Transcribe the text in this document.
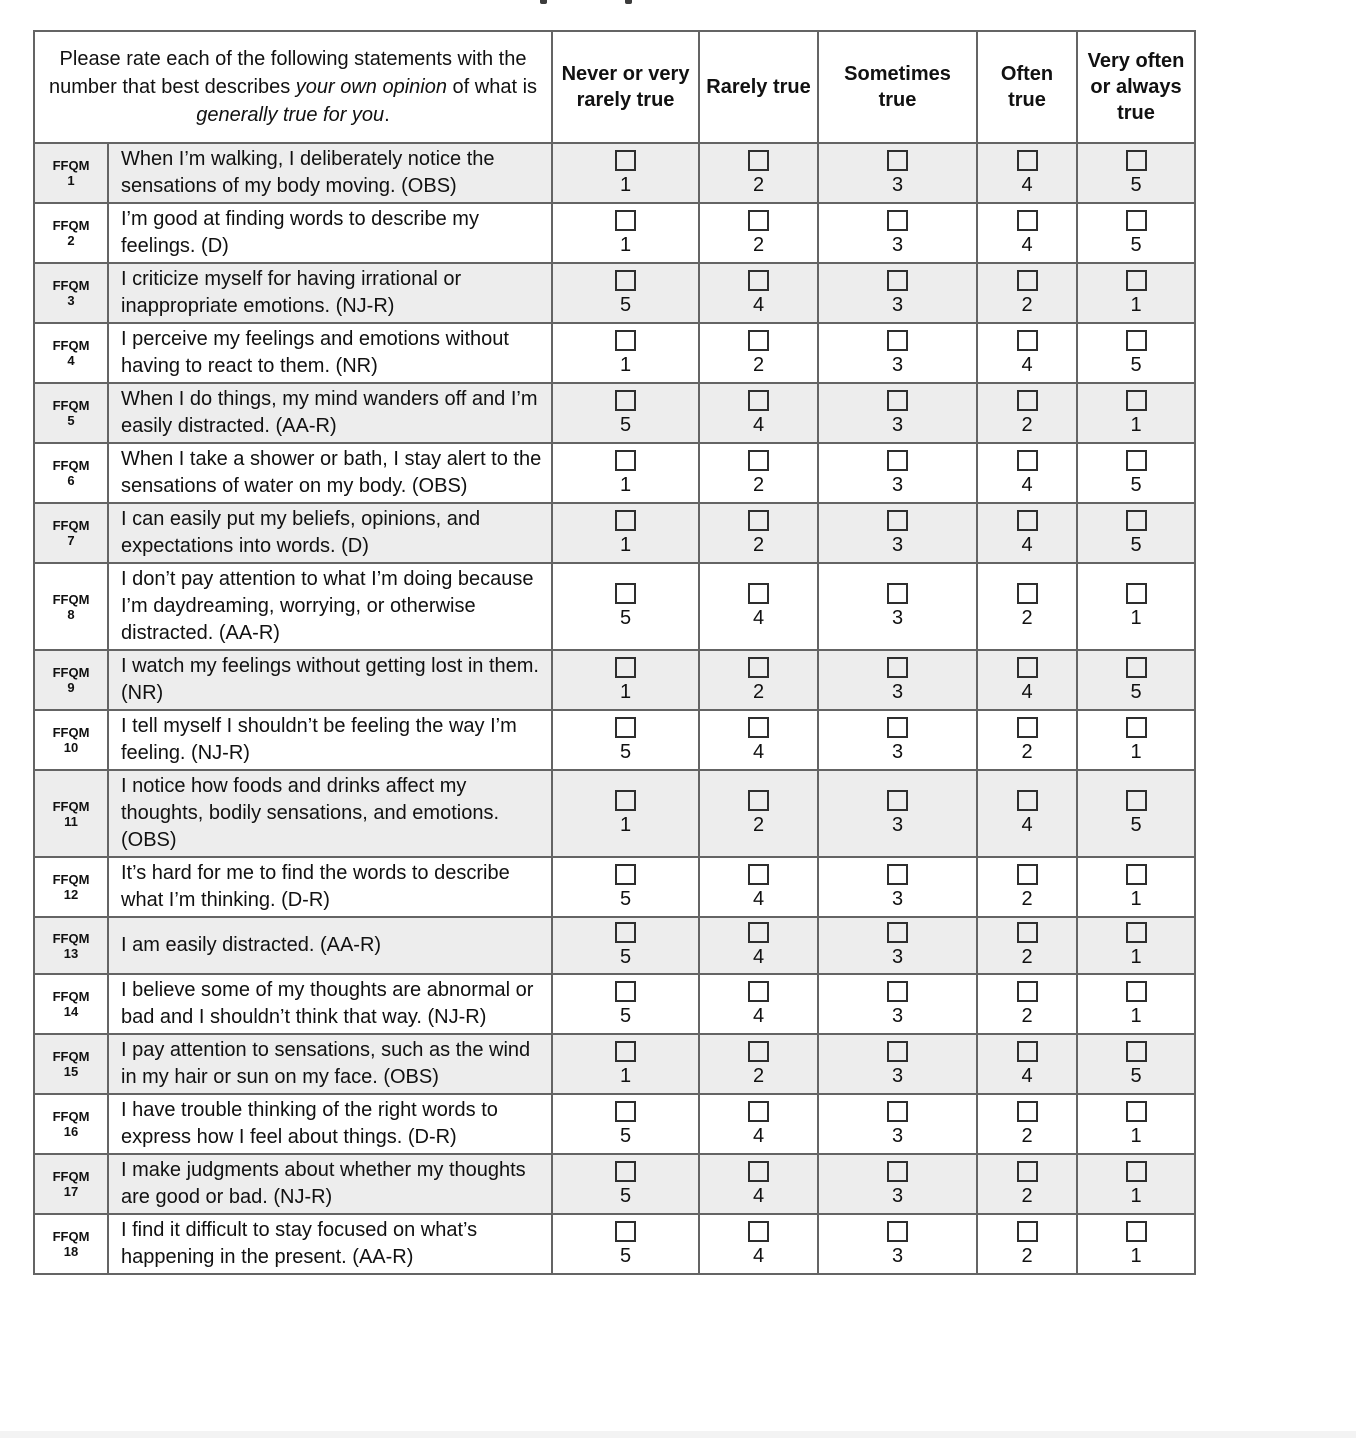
Please rate each of the following statements with the number that best describes your own opinion of what is generally true for you.		Never or very rarely true	Rarely true	Sometimes true	Often true	Very often or always true

FFQM
1	When I’m walking, I deliberately notice the sensations of my body moving. (OBS)	1	2	3	4	5

FFQM
2	I’m good at finding words to describe my feelings. (D)	1	2	3	4	5

FFQM
3	I criticize myself for having irrational or inappropriate emotions. (NJ-R)	5	4	3	2	1

FFQM
4	I perceive my feelings and emotions without having to react to them. (NR)	1	2	3	4	5

FFQM
5	When I do things, my mind wanders off and I’m easily distracted. (AA-R)	5	4	3	2	1

FFQM
6	When I take a shower or bath, I stay alert to the sensations of water on my body. (OBS)	1	2	3	4	5

FFQM
7	I can easily put my beliefs, opinions, and expectations into words. (D)	1	2	3	4	5

FFQM
8	I don’t pay attention to what I’m doing because I’m daydreaming, worrying, or otherwise distracted. (AA-R)	5	4	3	2	1

FFQM
9	I watch my feelings without getting lost in them. (NR)	1	2	3	4	5

FFQM
10	I tell myself I shouldn’t be feeling the way I’m feeling. (NJ-R)	5	4	3	2	1

FFQM
11	I notice how foods and drinks affect my thoughts, bodily sensations, and emotions. (OBS)	1	2	3	4	5

FFQM
12	It’s hard for me to find the words to describe what I’m thinking. (D-R)	5	4	3	2	1

FFQM
13	I am easily distracted. (AA-R)	5	4	3	2	1

FFQM
14	I believe some of my thoughts are abnormal or bad and I shouldn’t think that way. (NJ-R)	5	4	3	2	1

FFQM
15	I pay attention to sensations, such as the wind in my hair or sun on my face. (OBS)	1	2	3	4	5

FFQM
16	I have trouble thinking of the right words to express how I feel about things. (D-R)	5	4	3	2	1

FFQM
17	I make judgments about whether my thoughts are good or bad. (NJ-R)	5	4	3	2	1

FFQM
18	I find it difficult to stay focused on what’s happening in the present. (AA-R)	5	4	3	2	1
